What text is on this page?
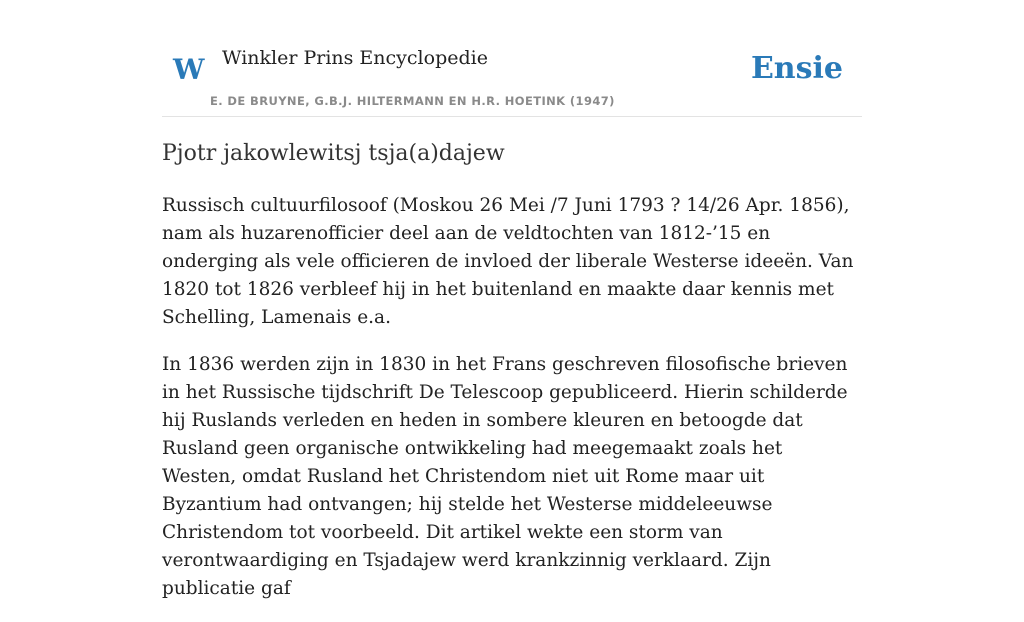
W Winkler Prins Encyclopedie
E. DE BRUYNE, G.B.J. HILTERMANN EN H.R. HOETINK (1947)
Ensie
Pjotr jakowlewitsj tsja(a)dajew

Russisch cultuurfilosoof (Moskou 26 Mei /7 Juni 1793 ? 14/26 Apr. 1856), nam als huzarenofficier deel aan de veldtochten van 1812-’15 en onderging als vele officieren de invloed der liberale Westerse ideeën. Van 1820 tot 1826 verbleef hij in het buitenland en maakte daar kennis met Schelling, Lamenais e.a.

In 1836 werden zijn in 1830 in het Frans geschreven filosofische brieven in het Russische tijdschrift De Telescoop gepubliceerd. Hierin schilderde hij Ruslands verleden en heden in sombere kleuren en betoogde dat Rusland geen organische ontwikkeling had meegemaakt zoals het Westen, omdat Rusland het Christendom niet uit Rome maar uit Byzantium had ontvangen; hij stelde het Westerse middeleeuwse Christendom tot voorbeeld. Dit artikel wekte een storm van verontwaardiging en Tsjadajew werd krankzinnig verklaard. Zijn publicatie gaf
